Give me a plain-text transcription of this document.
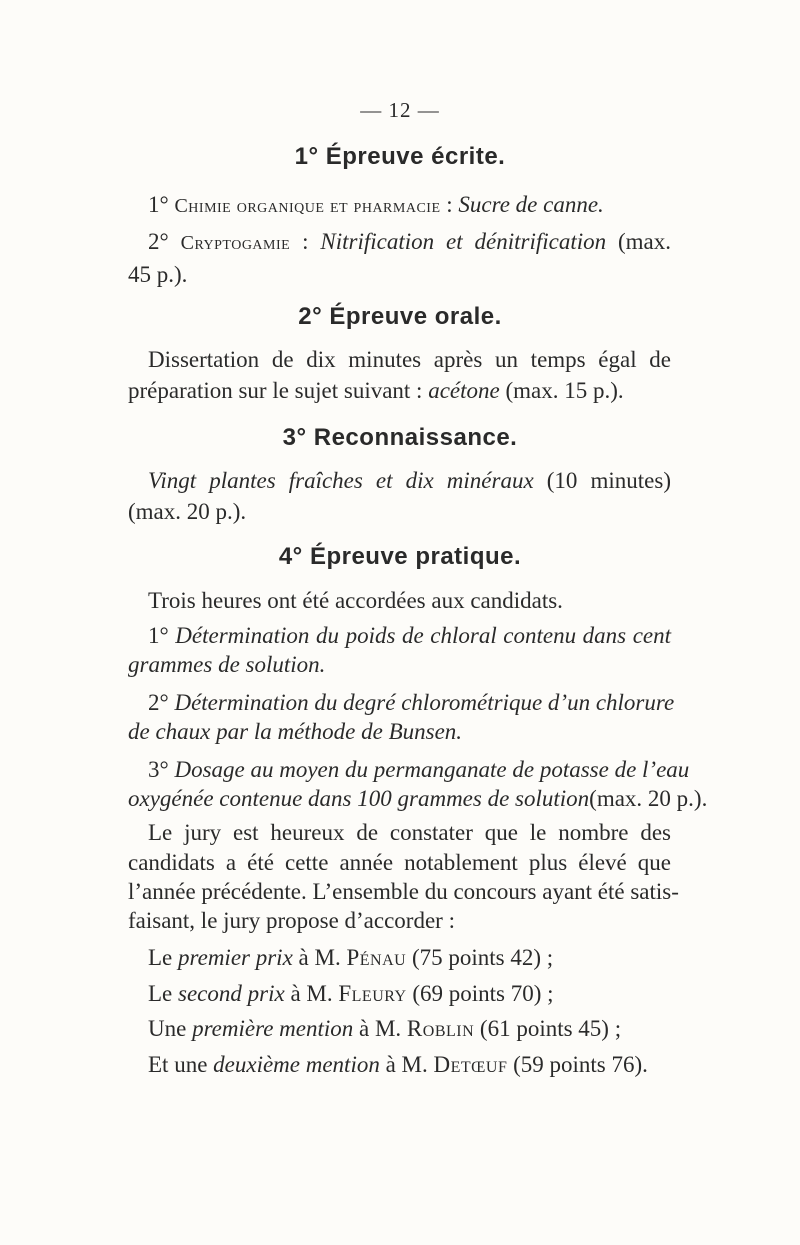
— 12 —
1° Épreuve écrite.
1° Chimie organique et pharmacie : Sucre de canne.
2° Cryptogamie : Nitrification et dénitrification (max.
45 p.).
2° Épreuve orale.
Dissertation de dix minutes après un temps égal de
préparation sur le sujet suivant : acétone (max. 15 p.).
3° Reconnaissance.
Vingt plantes fraîches et dix minéraux (10 minutes)
(max. 20 p.).
4° Épreuve pratique.
Trois heures ont été accordées aux candidats.
1° Détermination du poids de chloral contenu dans cent
grammes de solution.
2° Détermination du degré chlorométrique d’un chlorure
de chaux par la méthode de Bunsen.
3° Dosage au moyen du permanganate de potasse de l’eau
oxygénée contenue dans 100 grammes de solution(max. 20 p.).
Le jury est heureux de constater que le nombre des
candidats a été cette année notablement plus élevé que
l’année précédente. L’ensemble du concours ayant été satis-
faisant, le jury propose d’accorder :
Le premier prix à M. Pénau (75 points 42) ;
Le second prix à M. Fleury (69 points 70) ;
Une première mention à M. Roblin (61 points 45) ;
Et une deuxième mention à M. Detœuf (59 points 76).
